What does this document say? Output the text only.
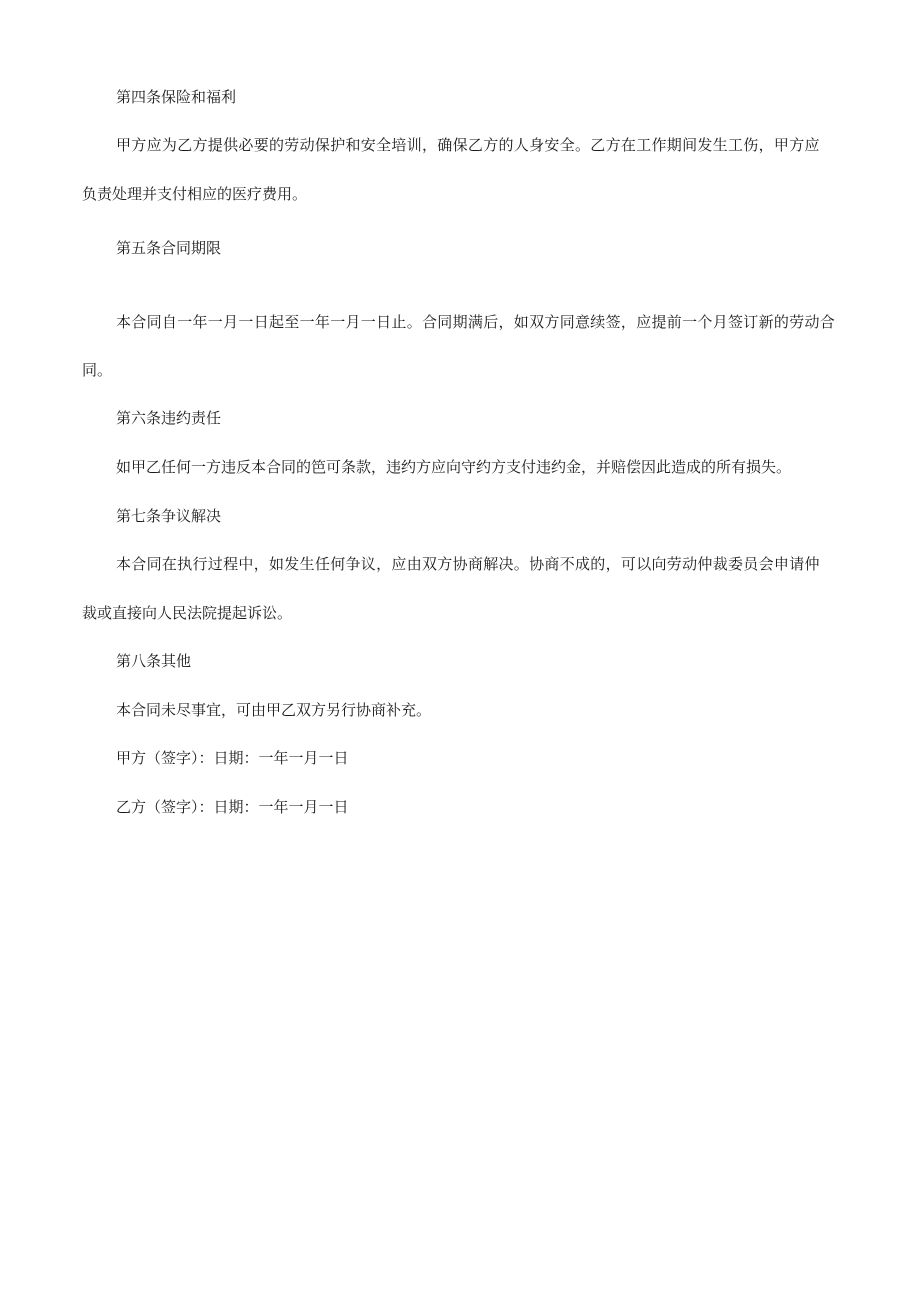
第四条保险和福利
甲方应为乙方提供必要的劳动保护和安全培训，确保乙方的人身安全。乙方在工作期间发生工伤，甲方应
负责处理并支付相应的医疗费用。
第五条合同期限
本合同自一年一月一日起至一年一月一日止。合同期满后，如双方同意续签，应提前一个月签订新的劳动合
同。
第六条违约责任
如甲乙任何一方违反本合同的笆可条款，违约方应向守约方支付违约金，并赔偿因此造成的所有损失。
第七条争议解决
本合同在执行过程中，如发生任何争议，应由双方协商解决。协商不成的，可以向劳动仲裁委员会申请仲
裁或直接向人民法院提起诉讼。
第八条其他
本合同未尽事宜，可由甲乙双方另行协商补充。
甲方（签字）：日期：一年一月一日
乙方（签字）：日期：一年一月一日
